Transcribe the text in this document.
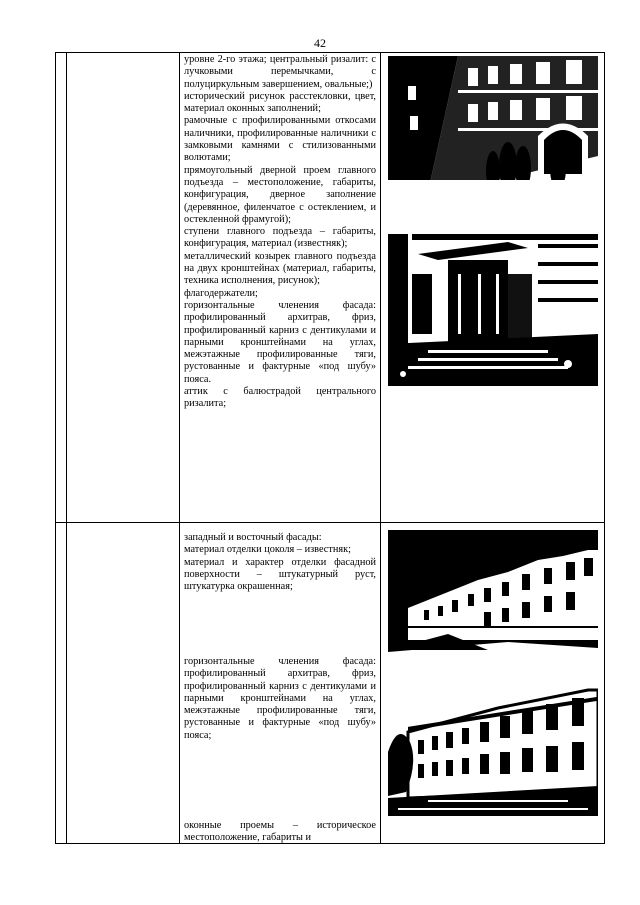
42

уровне 2-го этажа; центральный ризалит: с лучковыми перемычками, с полуциркульным завершением, овальные;)

исторический рисунок расстекловки, цвет, материал оконных заполнений;

рамочные с профилированными откосами наличники, профилированные наличники с замковыми камнями с стилизованными волютами;

прямоугольный дверной проем главного подъезда – местоположение, габариты, конфигурация, дверное заполнение (деревянное, филенчатое с остеклением, и остекленной фрамугой);

ступени главного подъезда – габариты, конфигурация, материал (известняк);

металлический козырек главного подъезда на двух кронштейнах (материал, габариты, техника исполнения, рисунок);

флагодержатели;

горизонтальные членения фасада: профилированный архитрав, фриз, профилированный карниз с дентикулами и парными кронштейнами на углах, межэтажные профилированные тяги, рустованные и фактурные «под шубу» пояса.

аттик с балюстрадой центрального ризалита;

западный и восточный фасады:

материал отделки цоколя – известняк;

материал и характер отделки фасадной поверхности – штукатурный руст, штукатурка окрашенная;

горизонтальные членения фасада: профилированный архитрав, фриз, профилированный карниз с дентикулами и парными кронштейнами на углах, межэтажные профилированные тяги, рустованные и фактурные «под шубу» пояса;

оконные проемы – историческое местоположение, габариты и
